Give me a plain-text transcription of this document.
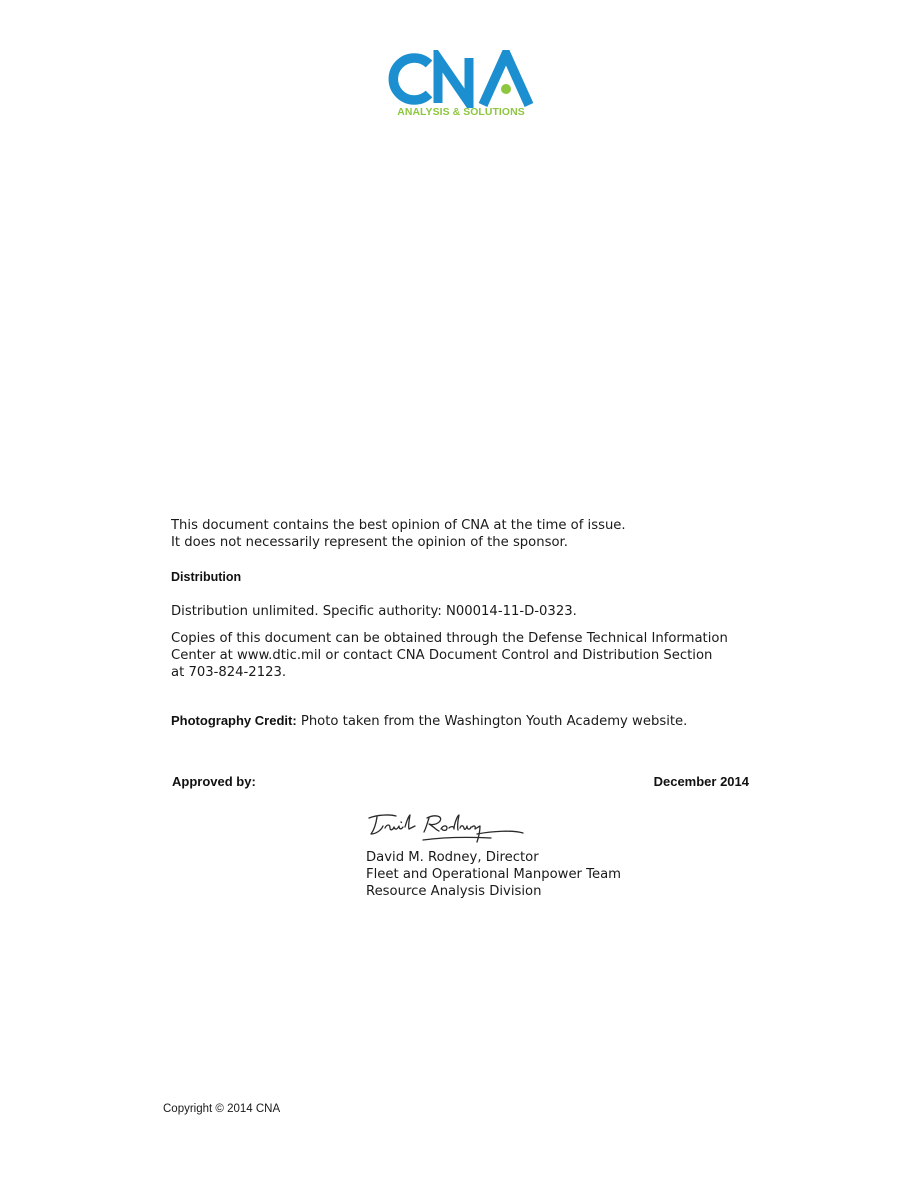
ANALYSIS & SOLUTIONS
This document contains the best opinion of CNA at the time of issue.
It does not necessarily represent the opinion of the sponsor.
Distribution
Distribution unlimited. Specific authority: N00014-11-D-0323.
Copies of this document can be obtained through the Defense Technical Information
Center at www.dtic.mil or contact CNA Document Control and Distribution Section
at 703-824-2123.
Photography Credit: Photo taken from the Washington Youth Academy website.
Approved by:	December 2014
David M. Rodney, Director
Fleet and Operational Manpower Team
Resource Analysis Division
Copyright © 2014 CNA
